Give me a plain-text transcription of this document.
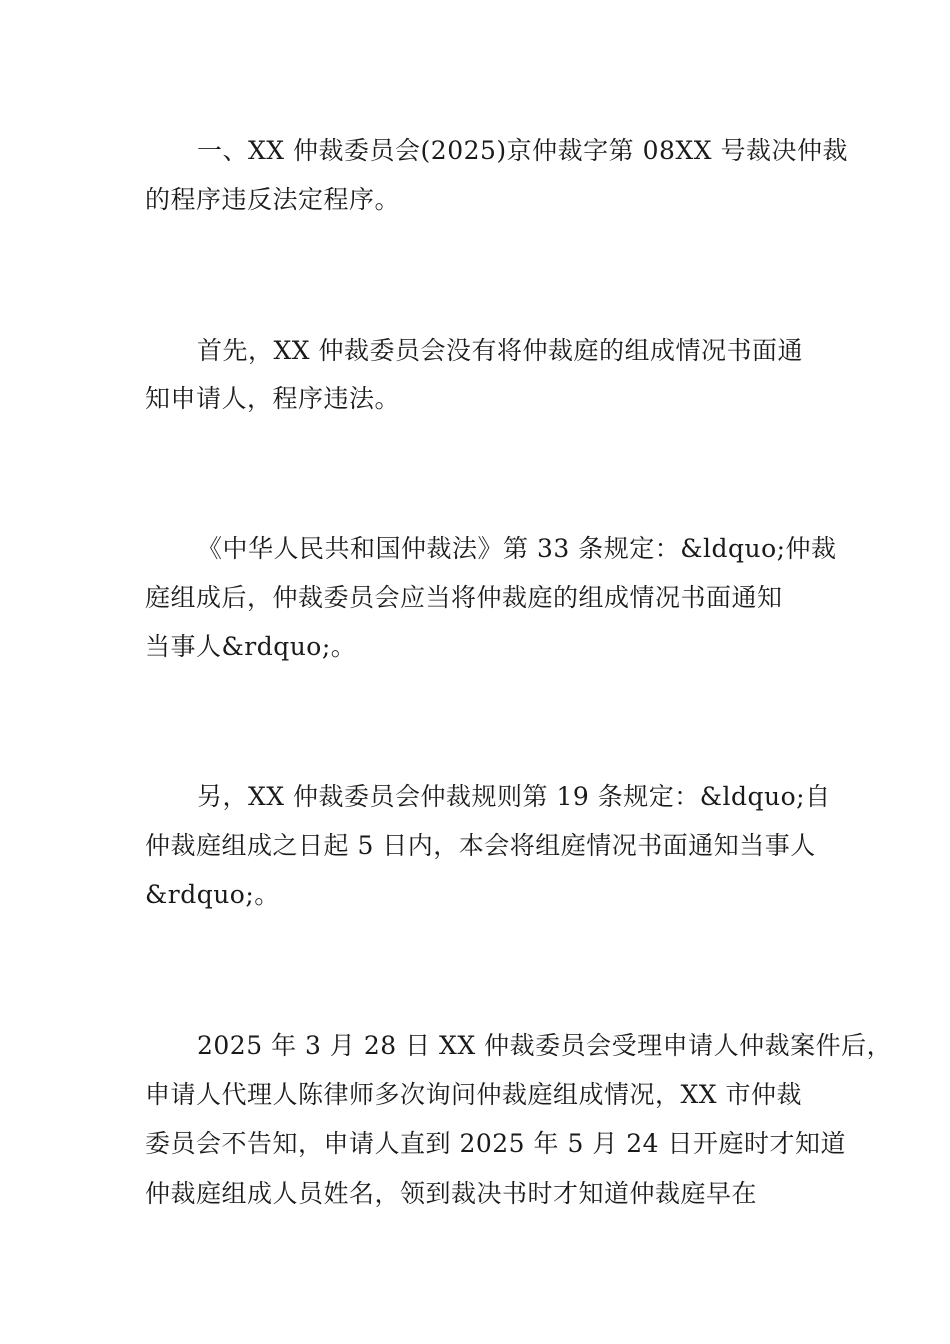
一、XX 仲裁委员会(2025)京仲裁字第 08XX 号裁决仲裁
的程序违反法定程序。
首先，XX 仲裁委员会没有将仲裁庭的组成情况书面通
知申请人，程序违法。
《中华人民共和国仲裁法》第 33 条规定：&ldquo;仲裁
庭组成后，仲裁委员会应当将仲裁庭的组成情况书面通知
当事人&rdquo;。
另，XX 仲裁委员会仲裁规则第 19 条规定：&ldquo;自
仲裁庭组成之日起 5 日内，本会将组庭情况书面通知当事人
&rdquo;。
2025 年 3 月 28 日 XX 仲裁委员会受理申请人仲裁案件后，
申请人代理人陈律师多次询问仲裁庭组成情况，XX 市仲裁
委员会不告知，申请人直到 2025 年 5 月 24 日开庭时才知道
仲裁庭组成人员姓名，领到裁决书时才知道仲裁庭早在
